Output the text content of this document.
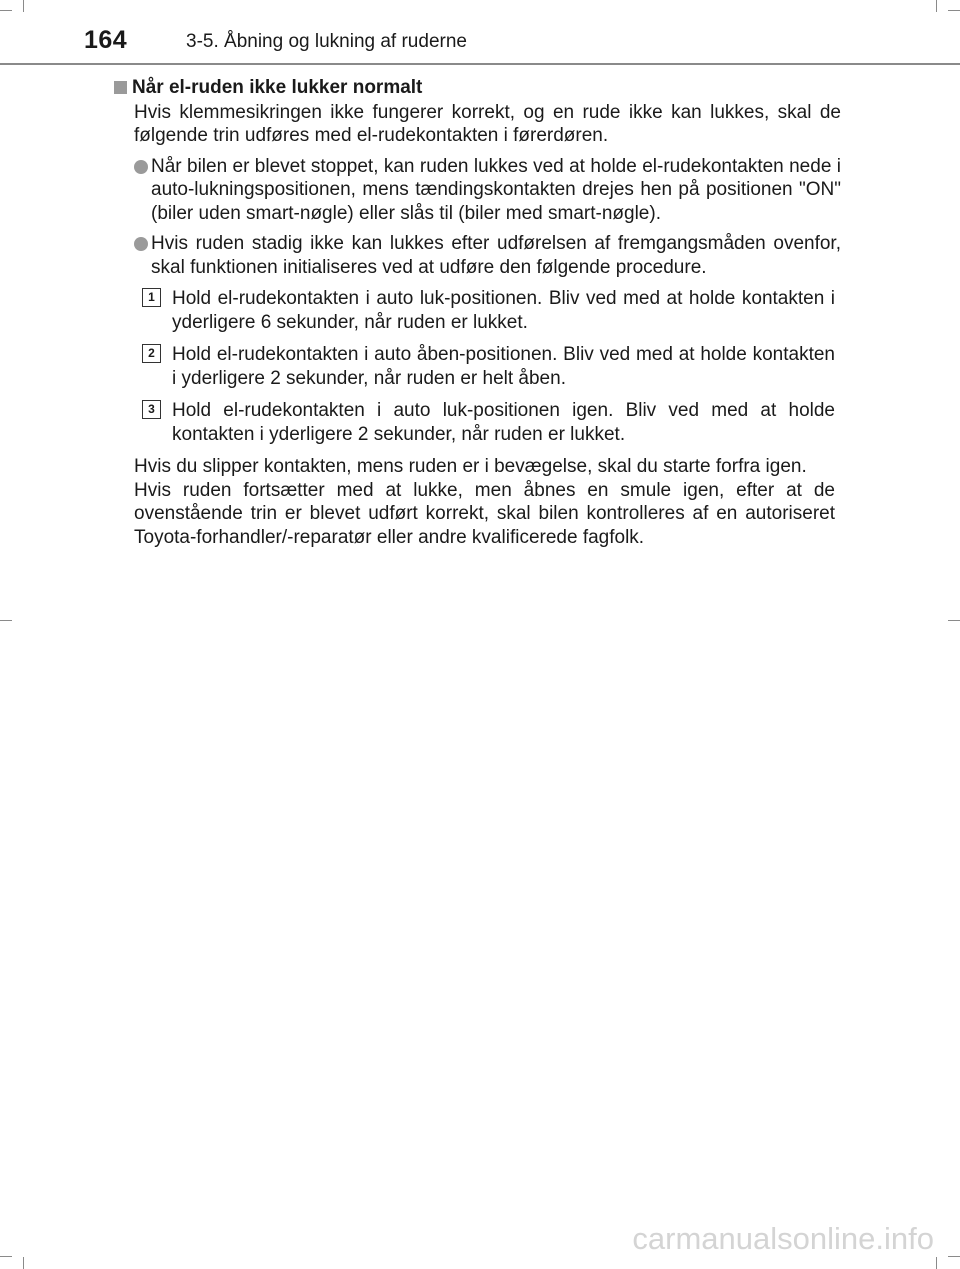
164	3-5. Åbning og lukning af ruderne
Når el-ruden ikke lukker normalt
Hvis klemmesikringen ikke fungerer korrekt, og en rude ikke kan lukkes, skal de følgende trin udføres med el-rudekontakten i førerdøren.
Når bilen er blevet stoppet, kan ruden lukkes ved at holde el-rudekontakten nede i auto-lukningspositionen, mens tændingskontakten drejes hen på positionen "ON" (biler uden smart-nøgle) eller slås til (biler med smart-nøgle).
Hvis ruden stadig ikke kan lukkes efter udførelsen af fremgangsmåden ovenfor, skal funktionen initialiseres ved at udføre den følgende procedure.
1 Hold el-rudekontakten i auto luk-positionen. Bliv ved med at holde kontakten i yderligere 6 sekunder, når ruden er lukket.
2 Hold el-rudekontakten i auto åben-positionen. Bliv ved med at holde kontakten i yderligere 2 sekunder, når ruden er helt åben.
3 Hold el-rudekontakten i auto luk-positionen igen. Bliv ved med at holde kontakten i yderligere 2 sekunder, når ruden er lukket.
Hvis du slipper kontakten, mens ruden er i bevægelse, skal du starte forfra igen.
Hvis ruden fortsætter med at lukke, men åbnes en smule igen, efter at de ovenstående trin er blevet udført korrekt, skal bilen kontrolleres af en autoriseret Toyota-forhandler/-reparatør eller andre kvalificerede fagfolk.
carmanualsonline.info
